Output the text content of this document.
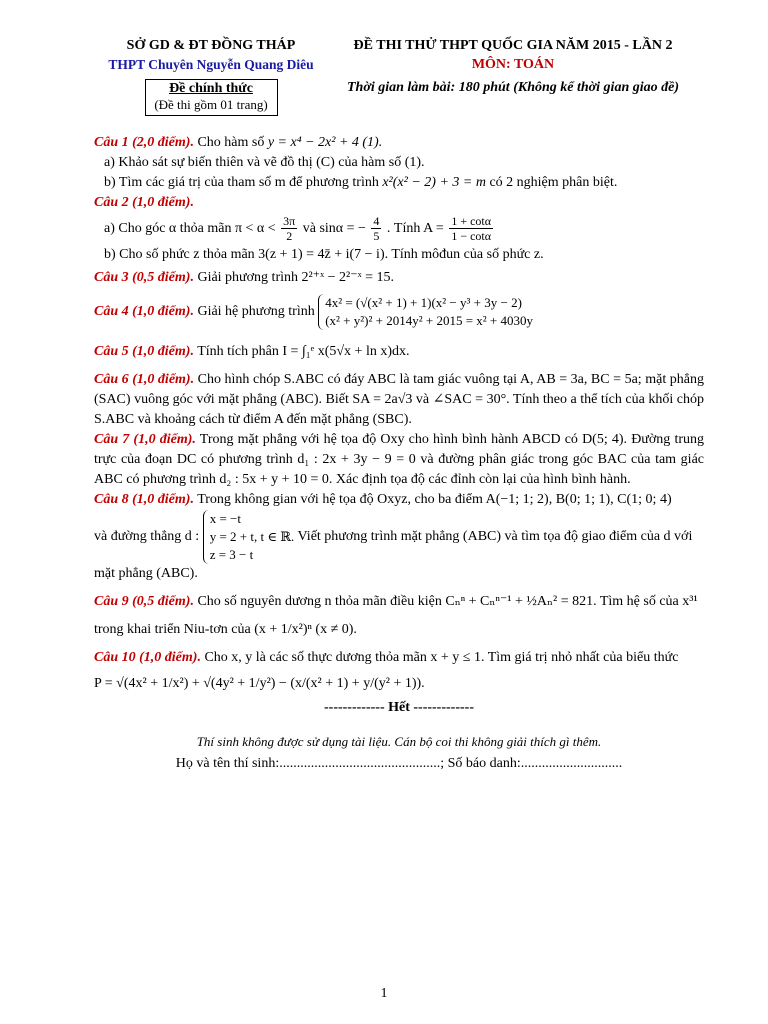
SỞ GD & ĐT ĐỒNG THÁP
THPT Chuyên Nguyễn Quang Diêu
Đề chính thức
(Đề thi gồm 01 trang)
ĐỀ THI THỬ THPT QUỐC GIA NĂM 2015 - LẦN 2
MÔN: TOÁN
Thời gian làm bài: 180 phút (Không kể thời gian giao đề)

Câu 1 (2,0 điểm). Cho hàm số y = x⁴ − 2x² + 4 (1).

a) Khảo sát sự biến thiên và vẽ đồ thị (C) của hàm số (1).

b) Tìm các giá trị của tham số m để phương trình x²(x² − 2) + 3 = m có 2 nghiệm phân biệt.

Câu 2 (1,0 điểm).

a) Cho góc α thỏa mãn $\pi < \alpha < \frac{3\pi}{2}$ và sinα = − $\frac{4}{5}$ . Tính $A = \frac{1 + \cot\alpha}{1 - \cot\alpha}$

b) Cho số phức z thỏa mãn 3(z + 1) = 4z̄ + i(7 − i). Tính môđun của số phức z.

Câu 3 (0,5 điểm). Giải phương trình 2²⁺ˣ − 2²⁻ˣ = 15.

Câu 4 (1,0 điểm). Giải hệ phương trình
4x² = (√(x² + 1) + 1)(x² − y³ + 3y − 2)
(x² + y²)² + 2014y² + 2015 = x² + 4030y

Câu 5 (1,0 điểm). Tính tích phân I = ∫₁ᵉ x(5√x + ln x)dx.

Câu 6 (1,0 điểm). Cho hình chóp S.ABC có đáy ABC là tam giác vuông tại A, AB = 3a, BC = 5a; mặt phẳng (SAC) vuông góc với mặt phẳng (ABC). Biết SA = 2a√3 và ∠SAC = 30°. Tính theo a thể tích của khối chóp S.ABC và khoảng cách từ điểm A đến mặt phẳng (SBC).

Câu 7 (1,0 điểm). Trong mặt phẳng với hệ tọa độ Oxy cho hình bình hành ABCD có D(5; 4). Đường trung trực của đoạn DC có phương trình d₁ : 2x + 3y − 9 = 0 và đường phân giác trong góc BAC của tam giác ABC có phương trình d₂ : 5x + y + 10 = 0. Xác định tọa độ các đỉnh còn lại của hình bình hành.

Câu 8 (1,0 điểm). Trong không gian với hệ tọa độ Oxyz, cho ba điểm A(−1; 1; 2), B(0; 1; 1), C(1; 0; 4)

và đường thẳng d :
x = −t
y = 2 + t, t ∈ ℝ.
z = 3 − t
Viết phương trình mặt phẳng (ABC) và tìm tọa độ giao điểm của d với mặt phẳng (ABC).

Câu 9 (0,5 điểm). Cho số nguyên dương n thỏa mãn điều kiện Cₙⁿ + Cₙⁿ⁻¹ + ½Aₙ² = 821. Tìm hệ số của x³¹

trong khai triển Niu-tơn của (x + 1/x²)ⁿ (x ≠ 0).

Câu 10 (1,0 điểm). Cho x, y là các số thực dương thỏa mãn x + y ≤ 1. Tìm giá trị nhỏ nhất của biểu thức

P = √(4x² + 1/x²) + √(4y² + 1/y²) − (x/(x² + 1) + y/(y² + 1)).

------------- Hết -------------
Thí sinh không được sử dụng tài liệu. Cán bộ coi thi không giải thích gì thêm.
Họ và tên thí sinh:..............................................; Số báo danh:.............................
1
